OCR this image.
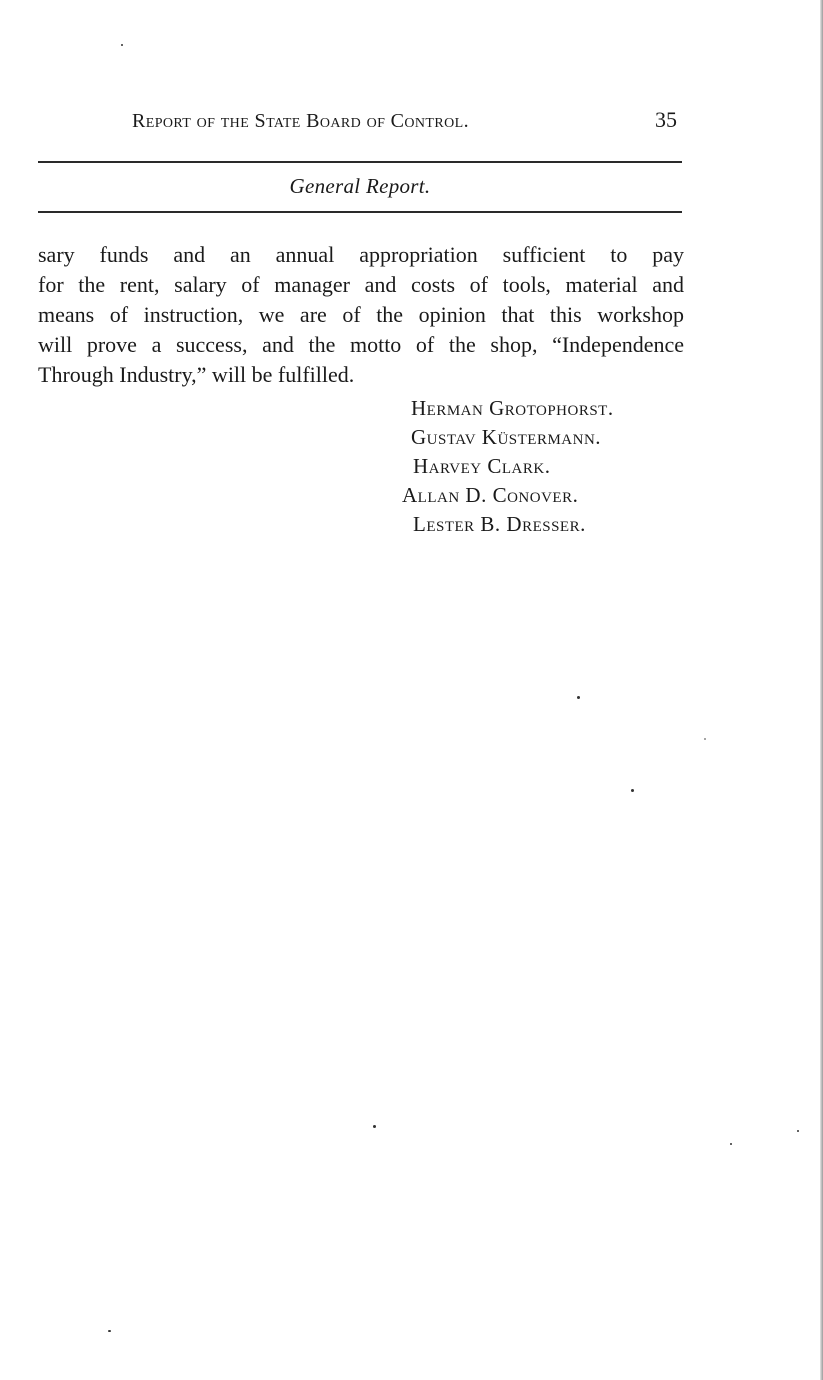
Report of the State Board of Control.	35
General Report.
sary funds and an annual appropriation sufficient to pay
for the rent, salary of manager and costs of tools, material and
means of instruction, we are of the opinion that this workshop
will prove a success, and the motto of the shop, “Independence
Through Industry,” will be fulfilled.
Herman Grotophorst.
Gustav Küstermann.
Harvey Clark.
Allan D. Conover.
Lester B. Dresser.
